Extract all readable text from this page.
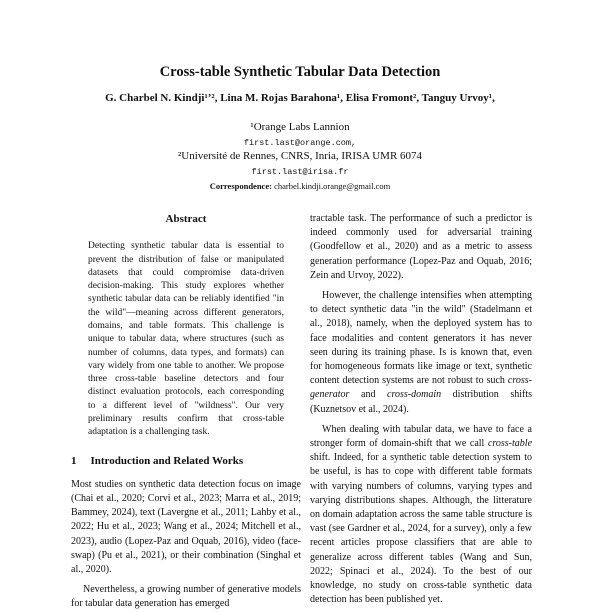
Cross-table Synthetic Tabular Data Detection
G. Charbel N. Kindji¹ʼ², Lina M. Rojas Barahona¹, Elisa Fromont², Tanguy Urvoy¹,
¹Orange Labs Lannion
first.last@orange.com,
²Université de Rennes, CNRS, Inria, IRISA UMR 6074
first.last@irisa.fr
Correspondence: charbel.kindji.orange@gmail.com
Abstract

Detecting synthetic tabular data is essential to prevent the distribution of false or manipulated datasets that could compromise data-driven decision-making. This study explores whether synthetic tabular data can be reliably identified "in the wild"—meaning across different generators, domains, and table formats. This challenge is unique to tabular data, where structures (such as number of columns, data types, and formats) can vary widely from one table to another. We propose three cross-table baseline detectors and four distinct evaluation protocols, each corresponding to a different level of "wildness". Our very preliminary results confirm that cross-table adaptation is a challenging task.

1 Introduction and Related Works

Most studies on synthetic data detection focus on image (Chai et al., 2020; Corvi et al., 2023; Marra et al., 2019; Bammey, 2024), text (Lavergne et al., 2011; Lahby et al., 2022; Hu et al., 2023; Wang et al., 2024; Mitchell et al., 2023), audio (Lopez-Paz and Oquab, 2016), video (face-swap) (Pu et al., 2021), or their combination (Singhal et al., 2020).

Nevertheless, a growing number of generative models for tabular data generation has emerged

tractable task. The performance of such a predictor is indeed commonly used for adversarial training (Goodfellow et al., 2020) and as a metric to assess generation performance (Lopez-Paz and Oquab, 2016; Zein and Urvoy, 2022).

However, the challenge intensifies when attempting to detect synthetic data "in the wild" (Stadelmann et al., 2018), namely, when the deployed system has to face modalities and content generators it has never seen during its training phase. Is is known that, even for homogeneous formats like image or text, synthetic content detection systems are not robust to such cross-generator and cross-domain distribution shifts (Kuznetsov et al., 2024).

When dealing with tabular data, we have to face a stronger form of domain-shift that we call cross-table shift. Indeed, for a synthetic table detection system to be useful, is has to cope with different table formats with varying numbers of columns, varying types and varying distributions shapes. Although, the litterature on domain adaptation across the same table structure is vast (see Gardner et al., 2024, for a survey), only a few recent articles propose classifiers that are able to generalize across different tables (Wang and Sun, 2022; Spinaci et al., 2024). To the best of our knowledge, no study on cross-table synthetic data detection has been published yet.
